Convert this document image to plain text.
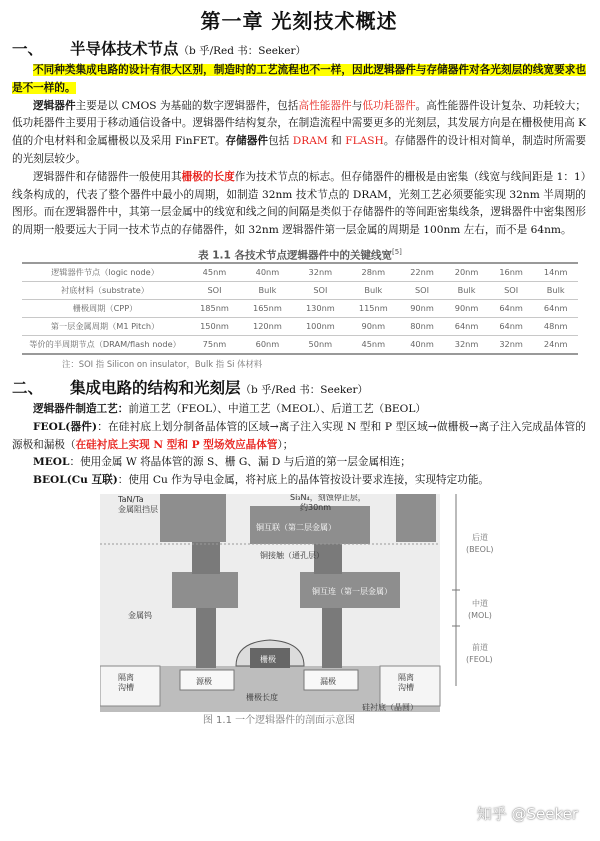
第一章 光刻技术概述
一、 半导体技术节点（b 乎/Red 书：Seeker）

不同种类集成电路的设计有很大区别，制造时的工艺流程也不一样，因此逻辑器件与存储器件对各光刻层的线宽要求也是不一样的。

逻辑器件主要是以 CMOS 为基础的数字逻辑器件，包括高性能器件与低功耗器件。高性能器件设计复杂、功耗较大；低功耗器件主要用于移动通信设备中。逻辑器件结构复杂，在制造流程中需要更多的光刻层，其发展方向是在栅极使用高 K 值的介电材料和金属栅极以及采用 FinFET。存储器件包括 DRAM 和 FLASH。存储器件的设计相对简单，制造时所需要的光刻层较少。

逻辑器件和存储器件一般使用其栅极的长度作为技术节点的标志。但存储器件的栅极是由密集（线宽与线间距是 1：1）线条构成的，代表了整个器件中最小的周期，如制造 32nm 技术节点的 DRAM，光刻工艺必须要能实现 32nm 半周期的图形。而在逻辑器件中，其第一层金属中的线宽和线之间的间隔是类似于存储器件的等间距密集线条，逻辑器件中密集图形的周期一般要远大于同一技术节点的存储器件，如 32nm 逻辑器件第一层金属的周期是 100nm 左右，而不是 64nm。

表 1.1 各技术节点逻辑器件中的关键线宽[5]
逻辑器件节点（logic node）	45nm	40nm	32nm	28nm	22nm	20nm	16nm	14nm
衬底材料（substrate）	SOI	Bulk	SOI	Bulk	SOI	Bulk	SOI	Bulk
栅极周期（CPP）	185nm	165nm	130nm	115nm	90nm	90nm	64nm	64nm
第一层金属周期（M1 Pitch）	150nm	120nm	100nm	90nm	80nm	64nm	64nm	48nm
等价的半周期节点（DRAM/flash node）	75nm	60nm	50nm	45nm	40nm	32nm	32nm	24nm
注：SOI 指 Silicon on insulator，Bulk 指 Si 体材料
二、 集成电路的结构和光刻层（b 乎/Red 书：Seeker）

逻辑器件制造工艺：前道工艺（FEOL）、中道工艺（MEOL）、后道工艺（BEOL）

FEOL(器件)：在硅衬底上划分制备晶体管的区域→离子注入实现 N 型和 P 型区域→做栅极→离子注入完成晶体管的源极和漏极（在硅衬底上实现 N 型和 P 型场效应晶体管）；

MEOL：使用金属 W 将晶体管的源 S、栅 G、漏 D 与后道的第一层金属相连；

BEOL(Cu 互联)：使用 Cu 作为导电金属，将衬底上的晶体管按设计要求连接，实现特定功能。

TaN/Ta
金属阻挡层
Si₃N₄，刻蚀停止层，
约30nm
铜互联（第二层金属）
铜接触（通孔层）
铜互连（第一层金属）
金属钨
栅极
隔离
沟槽
源极	漏极	隔离
沟槽
栅极长度
硅衬底（晶圆）
后道
(BEOL)
中道
(MOL)
前道
(FEOL)
图 1.1 一个逻辑器件的剖面示意图
知乎 @Seeker
